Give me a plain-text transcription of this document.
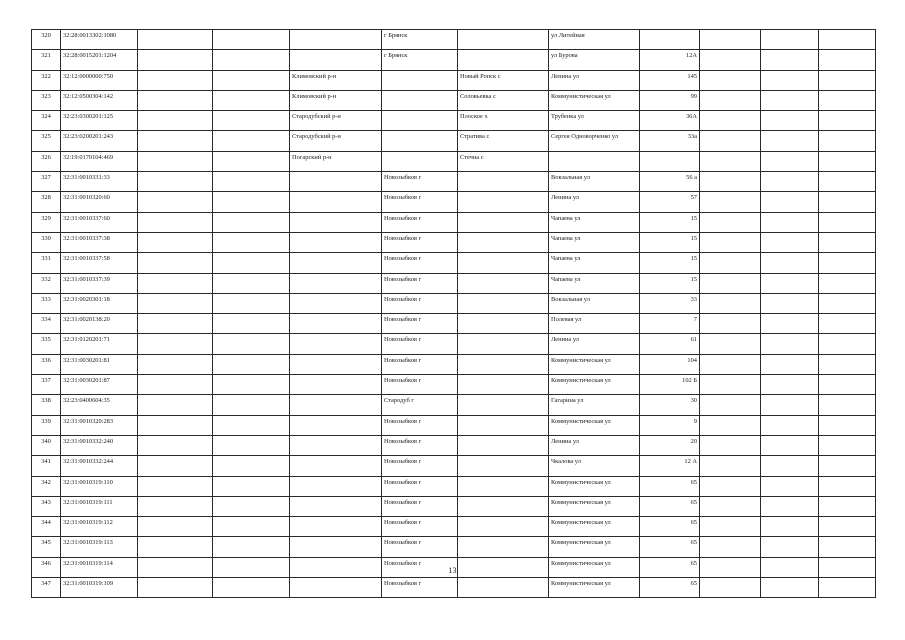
320	32:28:0013302:1080				г Брянск		ул Литейная				
321	32:28:0015201:1204				г Брянск		ул Бурова	12А			
322	32:12:0000000:750			Климовский р-н		Новый Ропск с	Ленина ул	145			
323	32:12:0500304:142			Климовский р-н		Соловьевка с	Коммунистическая ул	99			
324	32:23:0300201:125			Стародубский р-н		Плоское х	Трубенка ул	36А			
325	32:23:0200201:243			Стародубский р-н		Стратива с	Сергея Одноворченко ул	33а			
326	32:19:0170104:469			Погарский р-н		Стечна с					
327	32:31:0010331:33				Новозыбков г		Вокзальная ул	56 а			
328	32:31:0010320:60				Новозыбков г		Ленина ул	57			
329	32:31:0010337:60				Новозыбков г		Чапаева ул	15			
330	32:31:0010337:38				Новозыбков г		Чапаева ул	15			
331	32:31:0010337:58				Новозыбков г		Чапаева ул	15			
332	32:31:0010337:39				Новозыбков г		Чапаева ул	15			
333	32:31:0020301:18				Новозыбков г		Вокзальная ул	33			
334	32:31:0020138:20				Новозыбков г		Полевая ул	7			
335	32:31:0120201:71				Новозыбков г		Ленина ул	61			
336	32:31:0030201:81				Новозыбков г		Коммунистическая ул	104			
337	32:31:0030201:87				Новозыбков г		Коммунистическая ул	102 Б			
338	32:23:0400604:35				Стародуб г		Гагарина ул	30			
339	32:31:0010320:283				Новозыбков г		Коммунистическая ул	9			
340	32:31:0010332:240				Новозыбков г		Ленина ул	20			
341	32:31:0010332:244				Новозыбков г		Чкалова ул	12 А			
342	32:31:0010319:110				Новозыбков г		Коммунистическая ул	65			
343	32:31:0010319:111				Новозыбков г		Коммунистическая ул	65			
344	32:31:0010319:112				Новозыбков г		Коммунистическая ул	65			
345	32:31:0010319:113				Новозыбков г		Коммунистическая ул	65			
346	32:31:0010319:114				Новозыбков г		Коммунистическая ул	65			
347	32:31:0010319:109				Новозыбков г		Коммунистическая ул	65			
13
